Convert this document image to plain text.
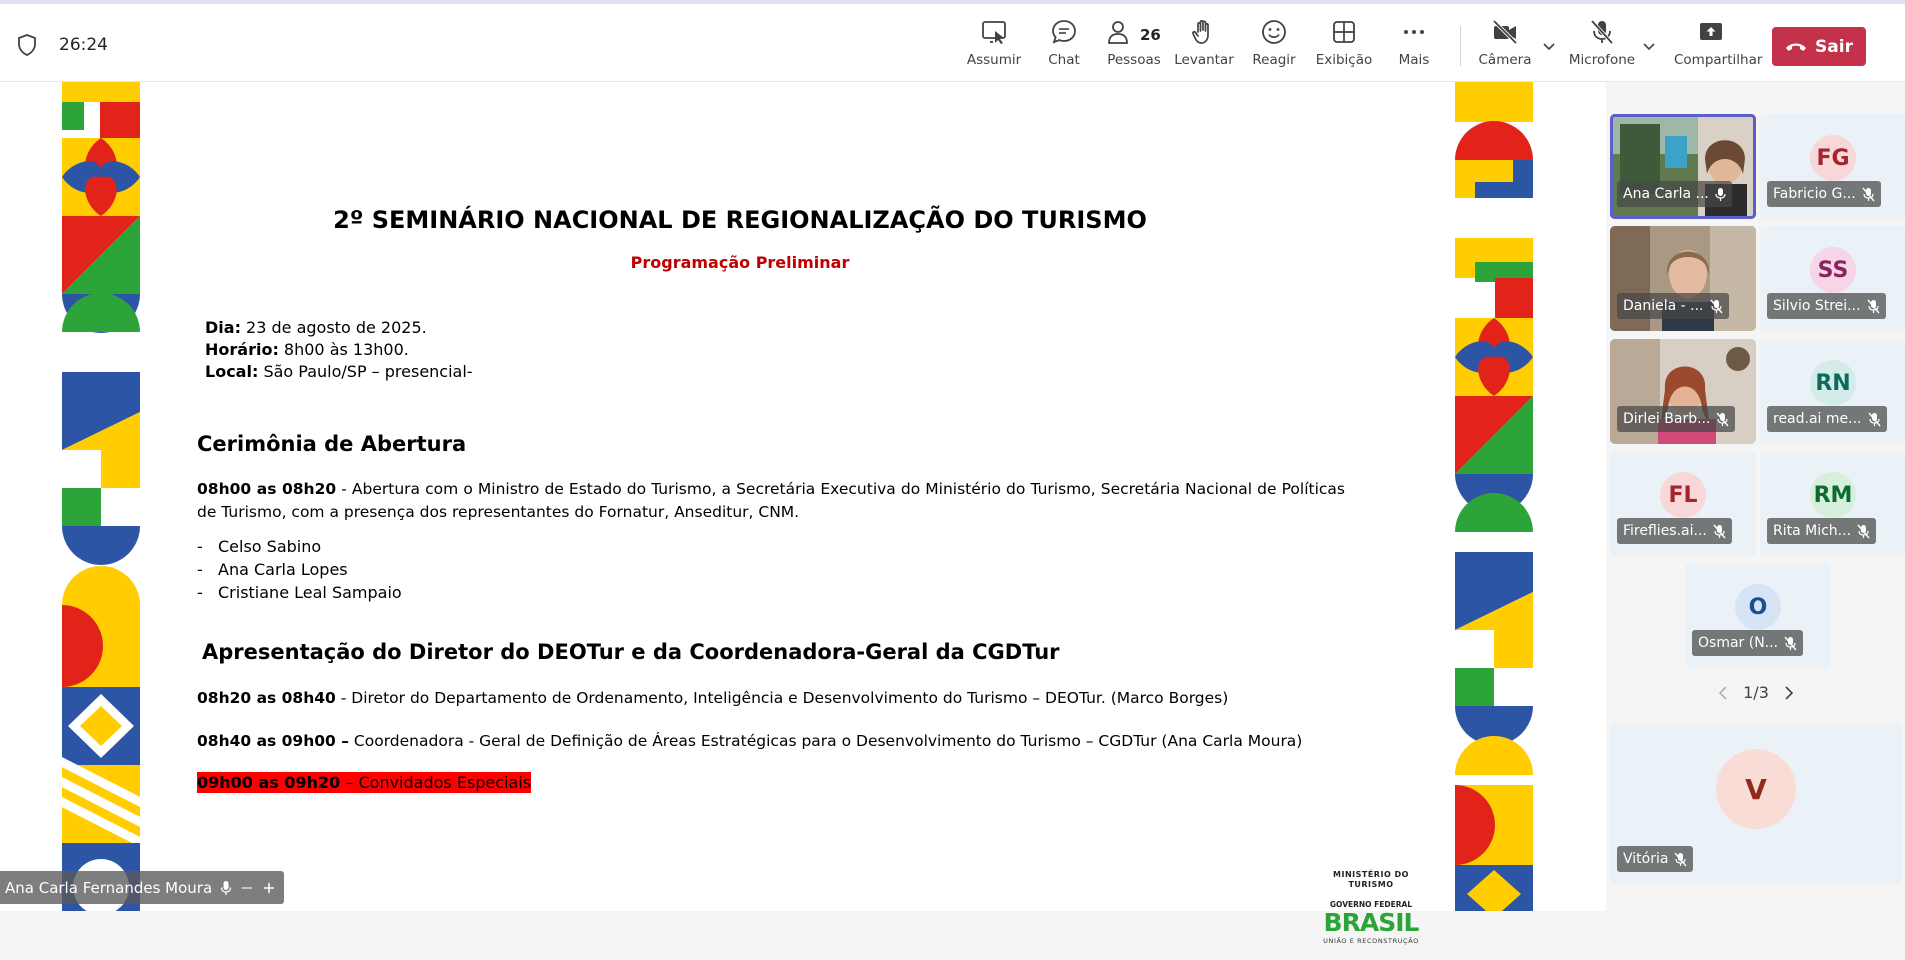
26:24
Assumir	Chat	Pessoas
26
Levantar	Reagir	Exibição	Mais	Câmera	Microfone	Compartilhar
Sair
2º SEMINÁRIO NACIONAL DE REGIONALIZAÇÃO DO TURISMO
Programação Preliminar
Dia: 23 de agosto de 2025.
Horário: 8h00 às 13h00.
Local: São Paulo/SP – presencial-
Cerimônia de Abertura
08h00 as 08h20 - Abertura com o Ministro de Estado do Turismo, a Secretária Executiva do Ministério do Turismo, Secretária Nacional de Políticas de Turismo, com a presença dos representantes do Fornatur, Anseditur, CNM.
- Celso Sabino
- Ana Carla Lopes
- Cristiane Leal Sampaio
Apresentação do Diretor do DEOTur e da Coordenadora-Geral da CGDTur
08h20 as 08h40 - Diretor do Departamento de Ordenamento, Inteligência e Desenvolvimento do Turismo – DEOTur. (Marco Borges)
08h40 as 09h00 – Coordenadora - Geral de Definição de Áreas Estratégicas para o Desenvolvimento do Turismo – CGDTur (Ana Carla Moura)
09h00 as 09h20 – Convidados Especiais
MINISTÉRIO DO TURISMO
GOVERNO FEDERAL
BRASIL
UNIÃO E RECONSTRUÇÃO
Ana Carla Fernandes Moura
Ana Carla ...
FG
Fabricio G...
Daniela - ...
SS
Silvio Strei...
Dirlei Barb...
RN
read.ai me...
FL
Fireflies.ai...
RM
Rita Mich...
O
Osmar (N...
1/3
V
Vitória
